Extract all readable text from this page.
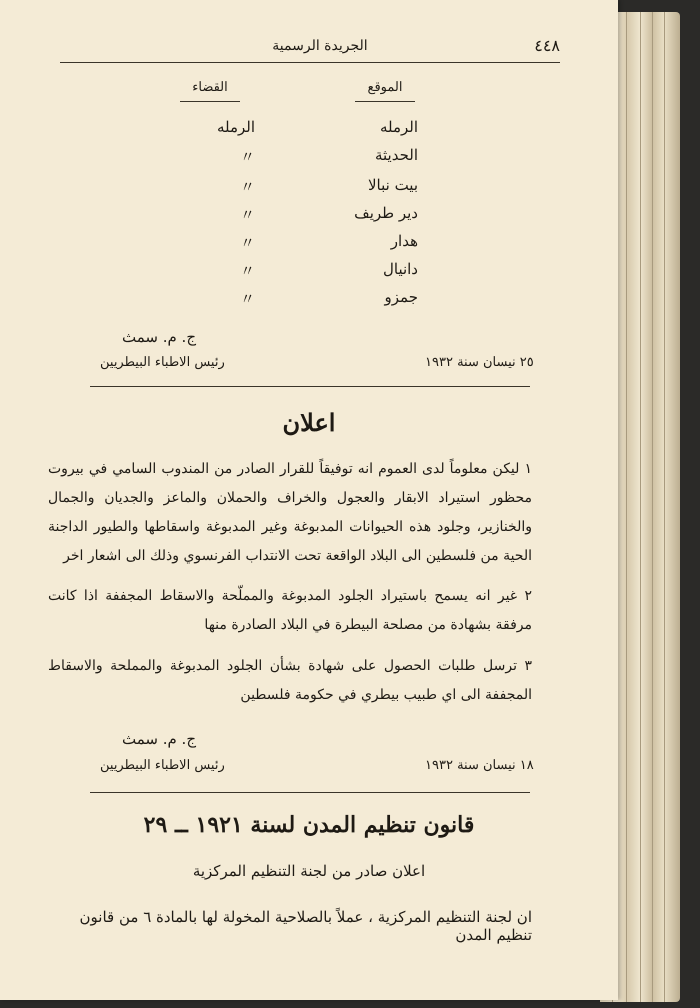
٤٤٨
الجريدة الرسمية
الموقع
القضاء
الرمله
الرمله
الحديثة
〃
بيت نبالا
〃
دير طريف
〃
هدار
〃
دانيال
〃
جمزو
〃
ج. م. سمث
رئيس الاطباء البيطريين	٢٥ نيسان سنة ١٩٣٢
اعلان
١ ليكن معلوماً لدى العموم انه توفيقاً للقرار الصادر من المندوب السامي في بيروت محظور استيراد الابقار والعجول والخراف والحملان والماعز والجديان والجمال والخنازير، وجلود هذه الحيوانات المدبوغة وغير المدبوغة واسقاطها والطيور الداجنة الحية من فلسطين الى البلاد الواقعة تحت الانتداب الفرنسوي وذلك الى اشعار اخر
٢ غير انه يسمح باستيراد الجلود المدبوغة والمملّحة والاسقاط المجففة اذا كانت مرفقة بشهادة من مصلحة البيطرة في البلاد الصادرة منها
٣ ترسل طلبات الحصول على شهادة بشأن الجلود المدبوغة والمملحة والاسقاط المجففة الى اي طبيب بيطري في حكومة فلسطين
ج. م. سمث
رئيس الاطباء البيطريين	١٨ نيسان سنة ١٩٣٢
قانون تنظيم المدن لسنة ١٩٢١ ــ ٢٩
اعلان صادر من لجنة التنظيم المركزية
ان لجنة التنظيم المركزية ، عملاً بالصلاحية المخولة لها بالمادة ٦ من قانون تنظيم المدن
